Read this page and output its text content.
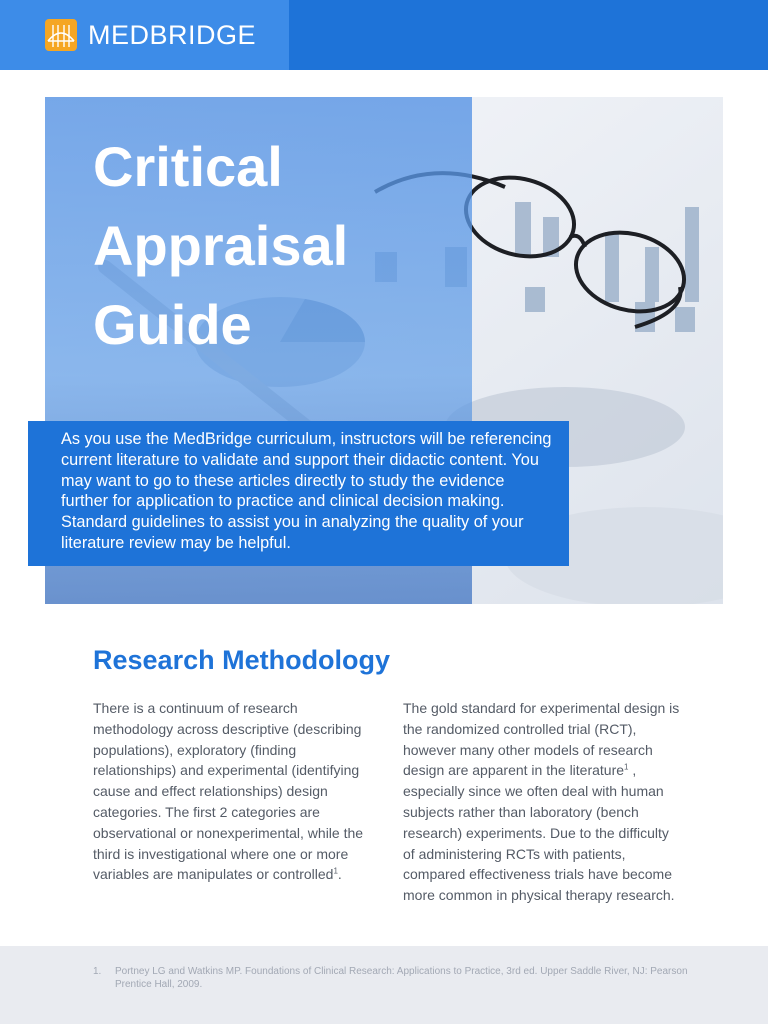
MEDBRIDGE
Critical
Appraisal
Guide

As you use the MedBridge curriculum, instructors will be referencing current literature to validate and support their didactic content. You may want to go to these articles directly to study the evidence further for application to practice and clinical decision making. Standard guidelines to assist you in analyzing the quality of your literature review may be helpful.

Research Methodology

There is a continuum of research methodology across descriptive (describing populations), exploratory (finding relationships) and experimental (identifying cause and effect relationships) design categories. The first 2 categories are observational or nonexperimental, while the third is investigational where one or more variables are manipulates or controlled$^1$.

The gold standard for experimental design is the randomized controlled trial (RCT), however many other models of research design are apparent in the literature$^1$ , especially since we often deal with human subjects rather than laboratory (bench research) experiments. Due to the difficulty of administering RCTs with patients, compared effectiveness trials have become more common in physical therapy research.

1. Portney LG and Watkins MP. Foundations of Clinical Research: Applications to Practice, 3rd ed. Upper Saddle River, NJ: Pearson Prentice Hall, 2009.
